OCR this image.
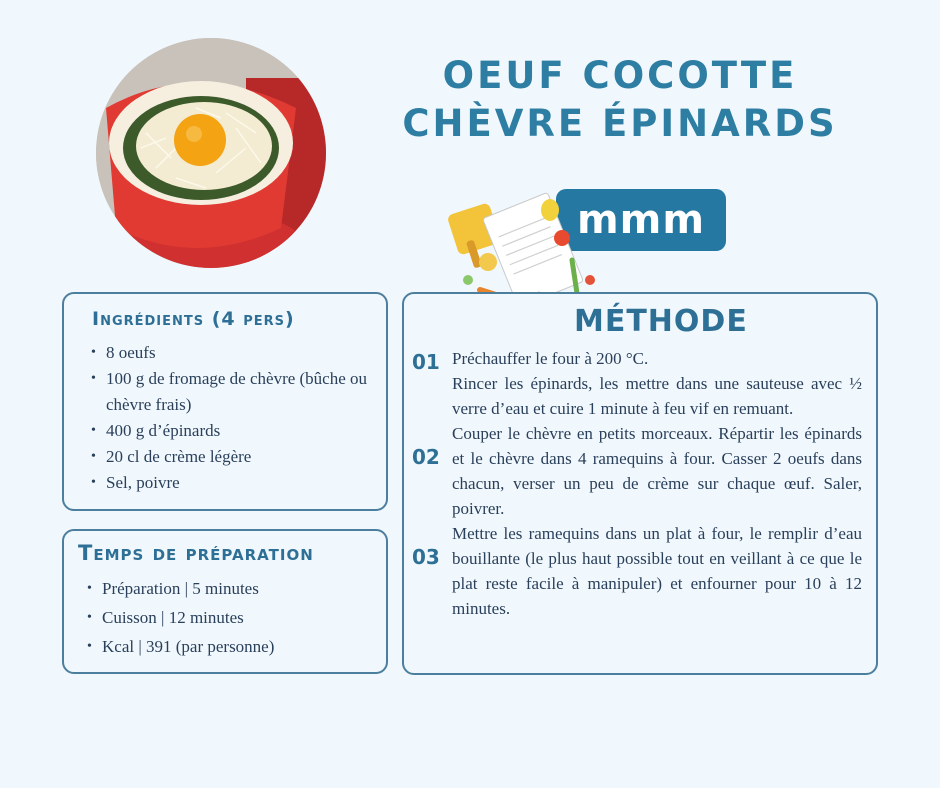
OEUF COCOTTE
CHÈVRE ÉPINARDS
mmm
Ingrédients (4 pers)
• 8 oeufs
• 100 g de fromage de chèvre (bûche ou chèvre frais)
• 400 g d’épinards
• 20 cl de crème légère
• Sel, poivre
Temps de préparation
• Préparation | 5 minutes
• Cuisson | 12 minutes
• Kcal | 391 (par personne)
MÉTHODE
01
02
03

Préchauffer le four à 200 °C.

Rincer les épinards, les mettre dans une sauteuse avec ½ verre d’eau et cuire 1 minute à feu vif en remuant.

Couper le chèvre en petits morceaux. Répartir les épinards et le chèvre dans 4 ramequins à four. Casser 2 oeufs dans chacun, verser un peu de crème sur chaque œuf. Saler, poivrer.

Mettre les ramequins dans un plat à four, le remplir d’eau bouillante (le plus haut possible tout en veillant à ce que le plat reste facile à manipuler) et enfourner pour 10 à 12 minutes.
